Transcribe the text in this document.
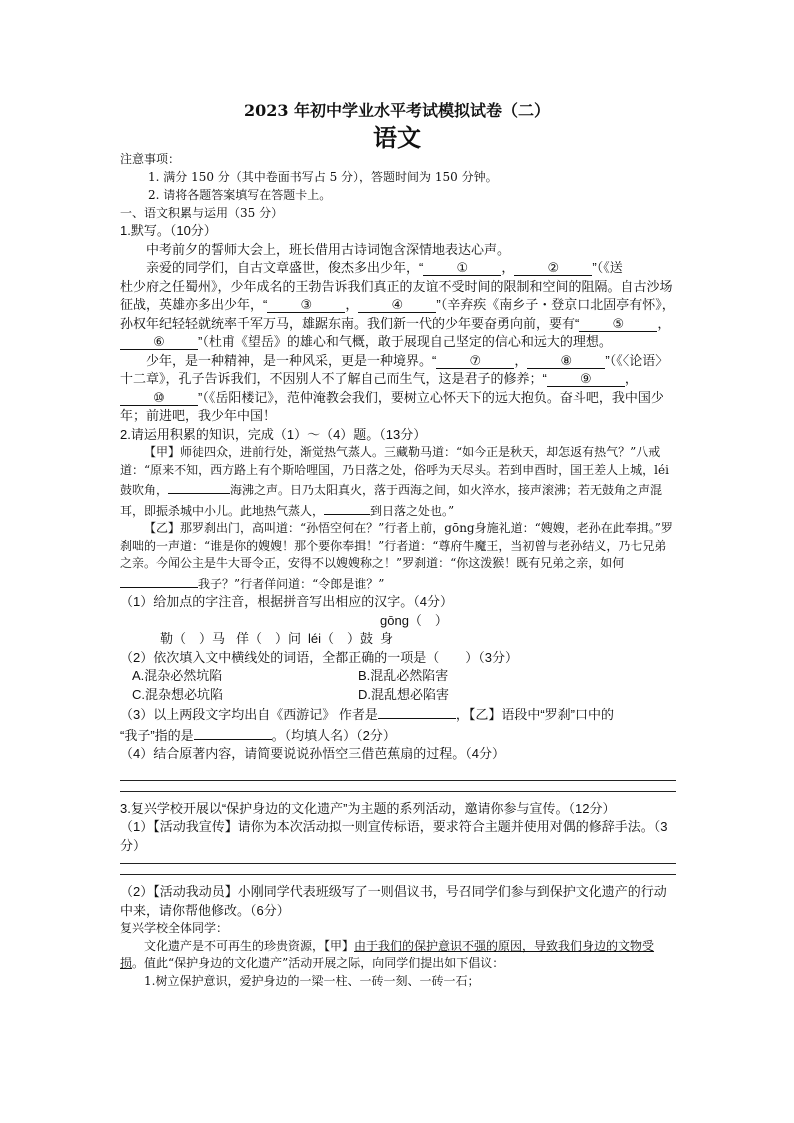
2023 年初中学业水平考试模拟试卷（二）
语文

注意事项：

1. 满分 150 分（其中卷面书写占 5 分），答题时间为 150 分钟。

2. 请将各题答案填写在答题卡上。

一、语文积累与运用（35 分）

1.默写。（10分）

中考前夕的誓师大会上，班长借用古诗词饱含深情地表达心声。

亲爱的同学们，自古文章盛世，俊杰多出少年，“	①	，	②	”（《送

杜少府之任蜀州》，少年成名的王勃告诉我们真正的友谊不受时间的限制和空间的阻隔。自古沙场征战，英雄亦多出少年，“	③	，	④	”（辛弃疾《南乡子・登京口北固亭有怀》，孙权年纪轻轻就统率千军万马，雄踞东南。我们新一代的少年要奋勇向前，要有“	⑤	，⑥	”（杜甫《望岳》的雄心和气概，敢于展现自己坚定的信心和远大的理想。

少年，是一种精神，是一种风采，更是一种境界。“	⑦	，	⑧	”（《〈论语〉十二章》，孔子告诉我们，不因别人不了解自己而生气，这是君子的修养；“	⑨	，⑩	”（《岳阳楼记》，范仲淹教会我们，要树立心怀天下的远大抱负。奋斗吧，我中国少年；前进吧，我少年中国！

2.请运用积累的知识，完成（1）～（4）题。（13分）

【甲】师徒四众，进前行处，渐觉热气蒸人。三藏勒马道：“如今正是秋天，却怎返有热气？”八戒道：“原来不知，西方路上有个斯哈哩国，乃日落之处，俗呼为天尽头。若到申酉时，国王差人上城，léi鼓吹角，	海沸之声。日乃太阳真火，落于西海之间，如火淬水，接声滚沸；若无鼓角之声混耳，即振杀城中小儿。此地热气蒸人，	到日落之处也。”

【乙】那罗刹出门，高叫道：“孙悟空何在？”行者上前，gōng身施礼道：“嫂嫂，老孙在此奉揖。”罗刹咄的一声道：“谁是你的嫂嫂！那个要你奉揖！”行者道：“尊府牛魔王，当初曾与老孙结义，乃七兄弟之亲。今闻公主是牛大哥令正，安得不以嫂嫂称之！”罗刹道：“你这泼猴！既有兄弟之亲，如何我子？”行者佯问道：“令郎是谁？”

（1）给加点的字注音，根据拼音写出相应的汉字。（4分）

勒（　）马 佯（　）问 léi（　）鼓gōng（　）身

（2）依次填入文中横线处的词语，全都正确的一项是（　　）（3分）

A.混杂必然坑陷	B.混乱必然陷害

C.混杂想必坑陷	D.混乱想必陷害

（3）以上两段文字均出自《西游记》 作者是	，【乙】语段中“罗刹”口中的

“我子”指的是	。（均填人名）（2分）

（4）结合原著内容，请简要说说孙悟空三借芭蕉扇的过程。（4分）

3.复兴学校开展以“保护身边的文化遗产”为主题的系列活动，邀请你参与宣传。（12分）

（1）【活动我宣传】请你为本次活动拟一则宣传标语，要求符合主题并使用对偶的修辞手法。（3分）

（2）【活动我动员】小刚同学代表班级写了一则倡议书，号召同学们参与到保护文化遗产的行动中来，请你帮他修改。（6分）

复兴学校全体同学：

文化遗产是不可再生的珍贵资源，【甲】由于我们的保护意识不强的原因，导致我们身边的文物受损。值此“保护身边的文化遗产”活动开展之际，向同学们提出如下倡议：

1.树立保护意识，爱护身边的一梁一柱、一砖一刻、一砖一石；
